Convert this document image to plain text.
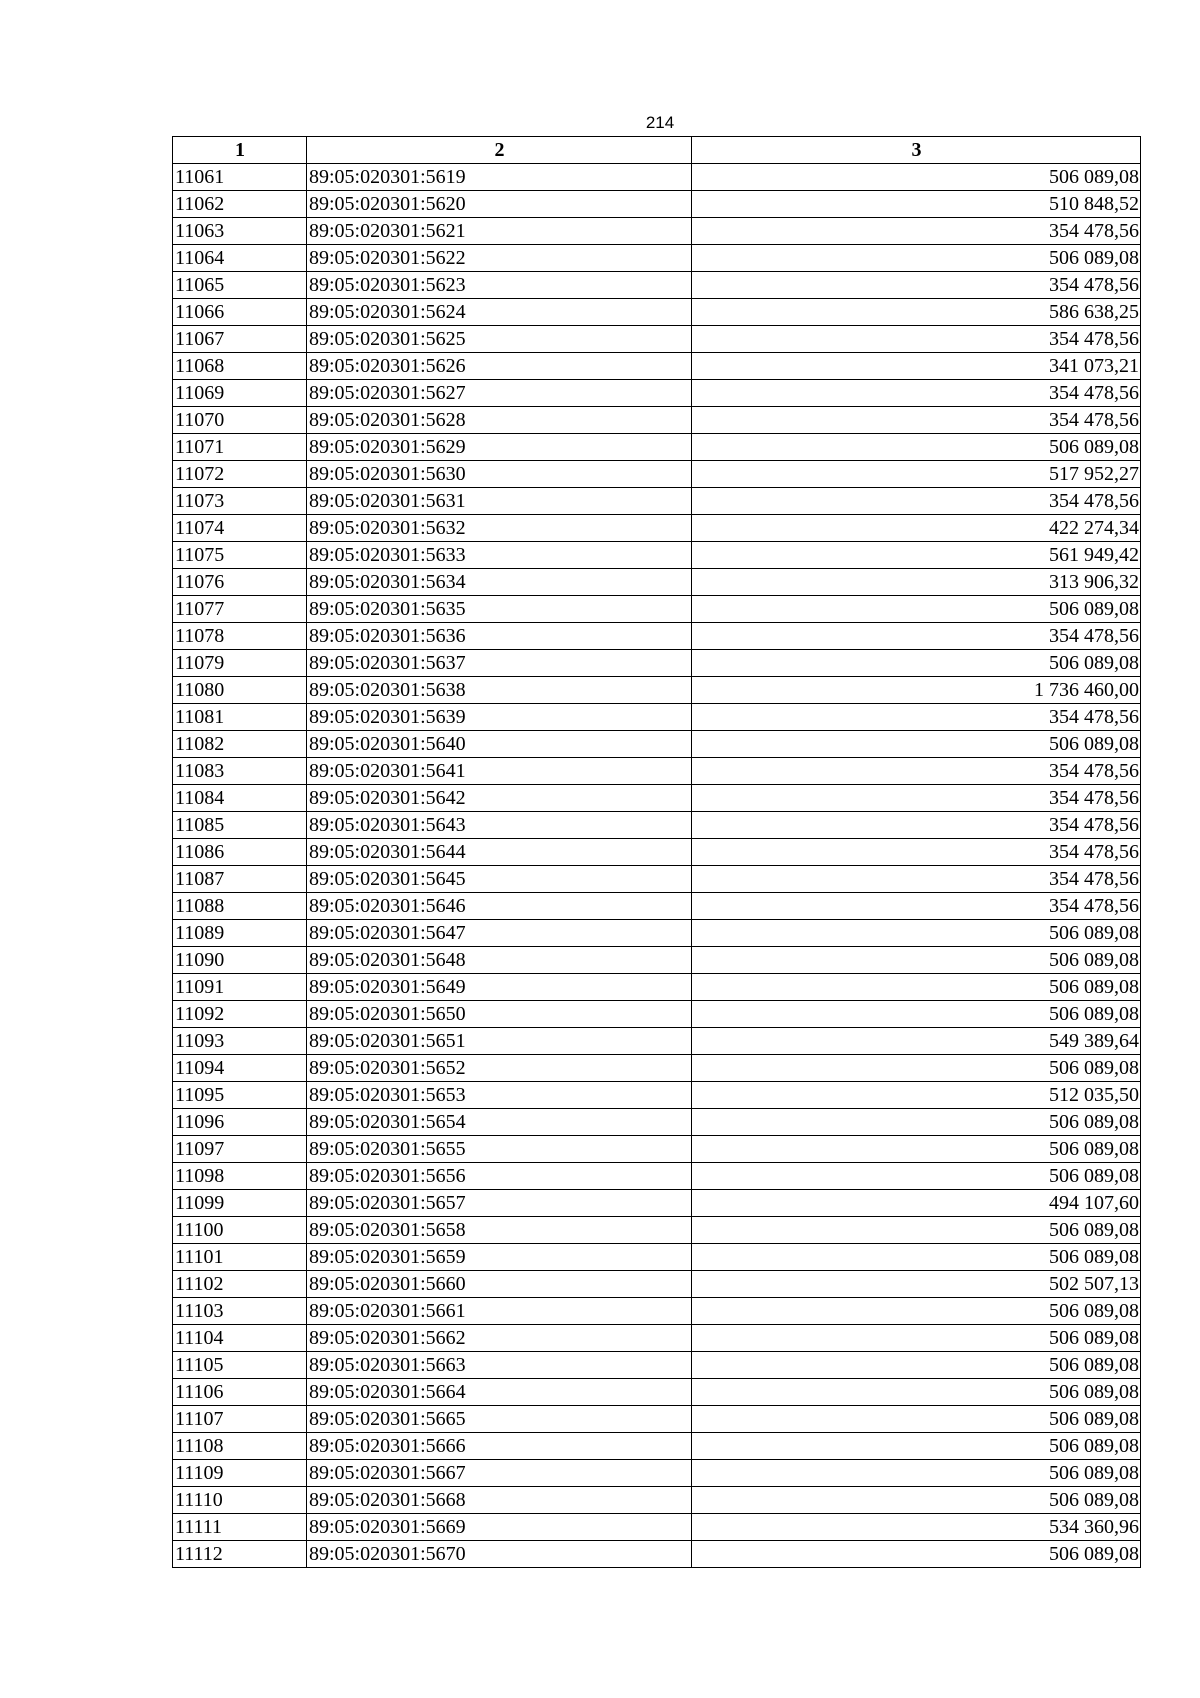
214
1	2	3
11061	89:05:020301:5619	506 089,08
11062	89:05:020301:5620	510 848,52
11063	89:05:020301:5621	354 478,56
11064	89:05:020301:5622	506 089,08
11065	89:05:020301:5623	354 478,56
11066	89:05:020301:5624	586 638,25
11067	89:05:020301:5625	354 478,56
11068	89:05:020301:5626	341 073,21
11069	89:05:020301:5627	354 478,56
11070	89:05:020301:5628	354 478,56
11071	89:05:020301:5629	506 089,08
11072	89:05:020301:5630	517 952,27
11073	89:05:020301:5631	354 478,56
11074	89:05:020301:5632	422 274,34
11075	89:05:020301:5633	561 949,42
11076	89:05:020301:5634	313 906,32
11077	89:05:020301:5635	506 089,08
11078	89:05:020301:5636	354 478,56
11079	89:05:020301:5637	506 089,08
11080	89:05:020301:5638	1 736 460,00
11081	89:05:020301:5639	354 478,56
11082	89:05:020301:5640	506 089,08
11083	89:05:020301:5641	354 478,56
11084	89:05:020301:5642	354 478,56
11085	89:05:020301:5643	354 478,56
11086	89:05:020301:5644	354 478,56
11087	89:05:020301:5645	354 478,56
11088	89:05:020301:5646	354 478,56
11089	89:05:020301:5647	506 089,08
11090	89:05:020301:5648	506 089,08
11091	89:05:020301:5649	506 089,08
11092	89:05:020301:5650	506 089,08
11093	89:05:020301:5651	549 389,64
11094	89:05:020301:5652	506 089,08
11095	89:05:020301:5653	512 035,50
11096	89:05:020301:5654	506 089,08
11097	89:05:020301:5655	506 089,08
11098	89:05:020301:5656	506 089,08
11099	89:05:020301:5657	494 107,60
11100	89:05:020301:5658	506 089,08
11101	89:05:020301:5659	506 089,08
11102	89:05:020301:5660	502 507,13
11103	89:05:020301:5661	506 089,08
11104	89:05:020301:5662	506 089,08
11105	89:05:020301:5663	506 089,08
11106	89:05:020301:5664	506 089,08
11107	89:05:020301:5665	506 089,08
11108	89:05:020301:5666	506 089,08
11109	89:05:020301:5667	506 089,08
11110	89:05:020301:5668	506 089,08
11111	89:05:020301:5669	534 360,96
11112	89:05:020301:5670	506 089,08
